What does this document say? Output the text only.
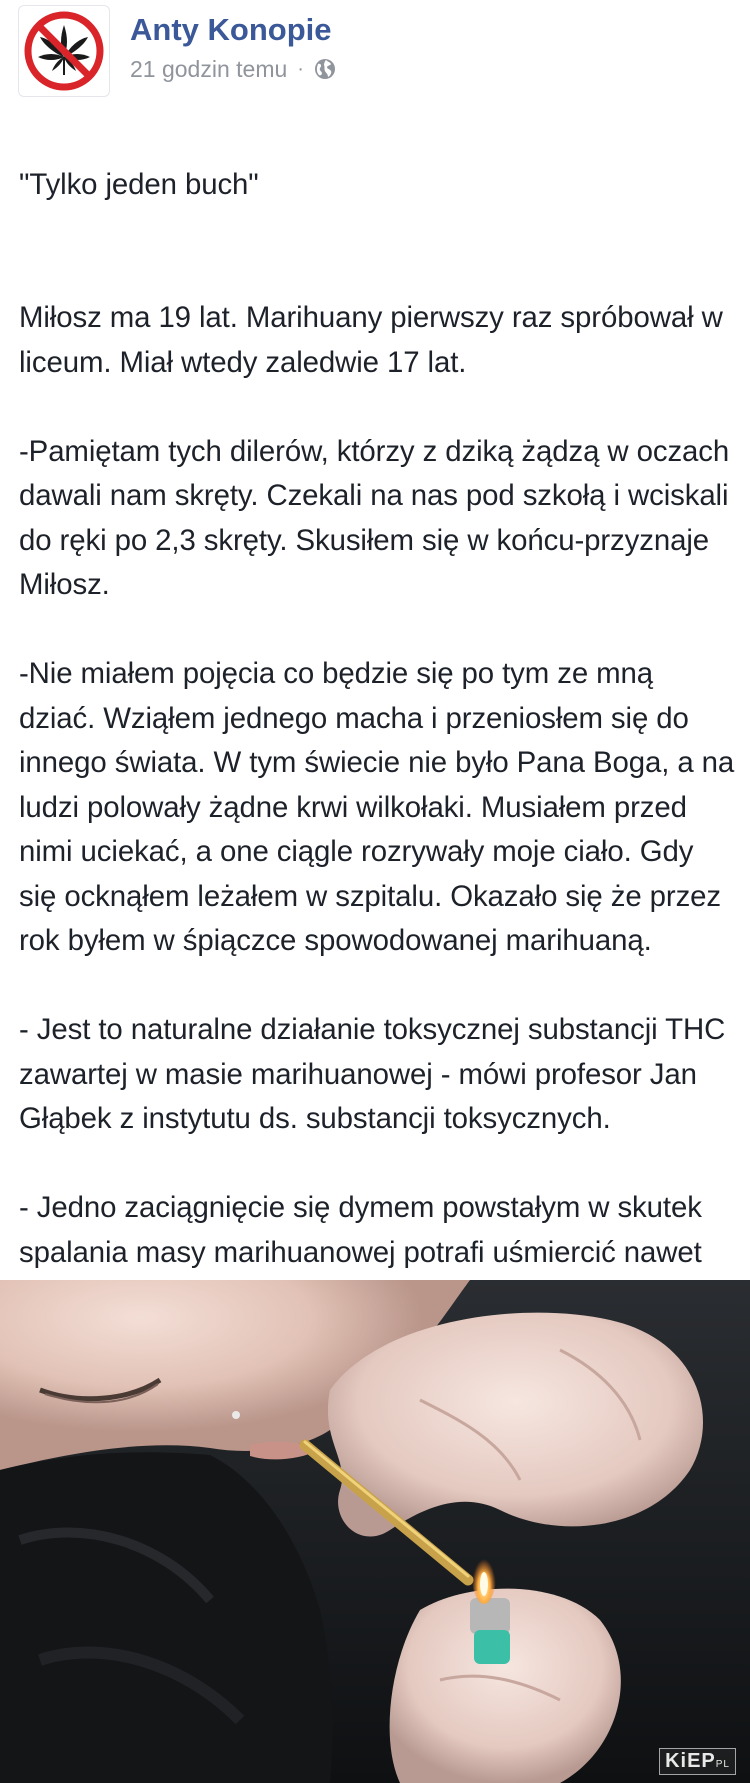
Anty Konopie
21 godzin temu ·

"Tylko jeden buch"

Miłosz ma 19 lat. Marihuany pierwszy raz spróbował w liceum. Miał wtedy zaledwie 17 lat.

-Pamiętam tych dilerów, którzy z dziką żądzą w oczach dawali nam skręty. Czekali na nas pod szkołą i wciskali do ręki po 2,3 skręty. Skusiłem się w końcu-przyznaje Miłosz.

-Nie miałem pojęcia co będzie się po tym ze mną dziać. Wziąłem jednego macha i przeniosłem się do innego świata. W tym świecie nie było Pana Boga, a na ludzi polowały żądne krwi wilkołaki. Musiałem przed nimi uciekać, a one ciągle rozrywały moje ciało. Gdy się ocknąłem leżałem w szpitalu. Okazało się że przez rok byłem w śpiączce spowodowanej marihuaną.

- Jest to naturalne działanie toksycznej substancji THC zawartej w masie marihuanowej - mówi profesor Jan Głąbek z instytutu ds. substancji toksycznych.

- Jedno zaciągnięcie się dymem powstałym w skutek spalania masy marihuanowej potrafi uśmiercić nawet

KiEPPL
